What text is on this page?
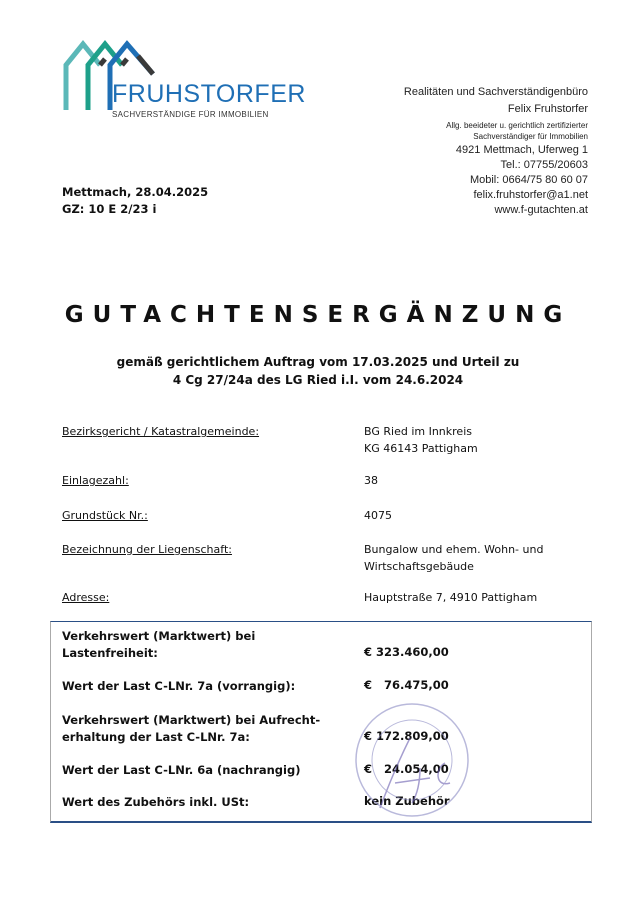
FRUHSTORFER
SACHVERSTÄNDIGE FÜR IMMOBILIEN
Realitäten und Sachverständigenbüro
Felix Fruhstorfer
Allg. beeideter u. gerichtlich zertifizierter
Sachverständiger für Immobilien
4921 Mettmach, Uferweg 1
Tel.: 07755/20603
Mobil: 0664/75 80 60 07
felix.fruhstorfer@a1.net
www.f-gutachten.at
Mettmach, 28.04.2025
GZ: 10 E 2/23 i
GUTACHTENSERGÄNZUNG
gemäß gerichtlichem Auftrag vom 17.03.2025 und Urteil zu
4 Cg 27/24a des LG Ried i.I. vom 24.6.2024
Bezirksgericht / Katastralgemeinde:	BG Ried im Innkreis
KG 46143 Pattigham
Einlagezahl:	38
Grundstück Nr.:	4075
Bezeichnung der Liegenschaft:	Bungalow und ehem. Wohn- und
Wirtschaftsgebäude
Adresse:	Hauptstraße 7, 4910 Pattigham
Verkehrswert (Marktwert) bei
Lastenfreiheit:	€ 323.460,00
Wert der Last C-LNr. 7a (vorrangig):	€   76.475,00
Verkehrswert (Marktwert) bei Aufrecht-
erhaltung der Last C-LNr. 7a:	€ 172.809,00
Wert der Last C-LNr. 6a (nachrangig)	€   24.054,00
Wert des Zubehörs inkl. USt:	kein Zubehör
